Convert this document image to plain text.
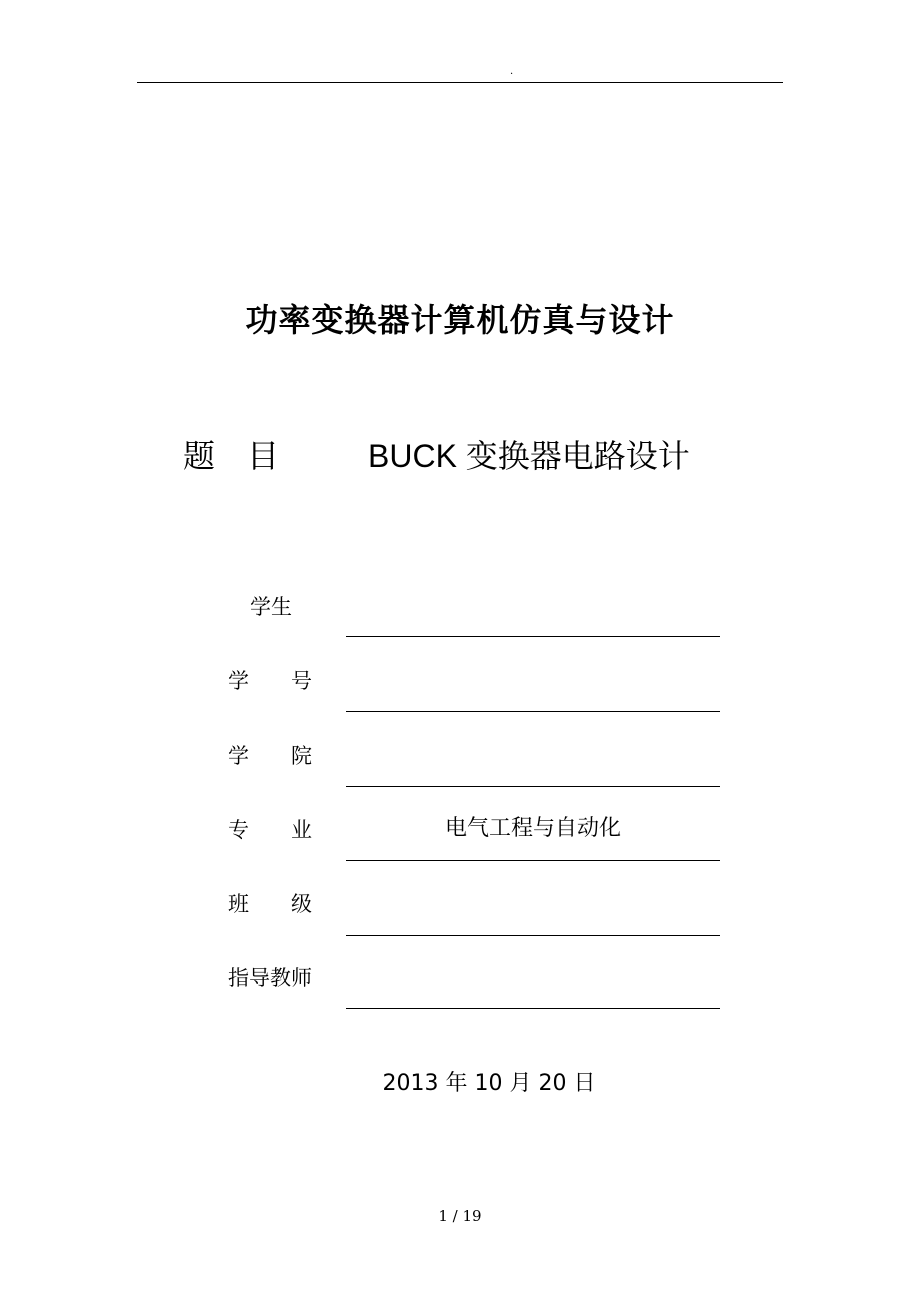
.
功率变换器计算机仿真与设计
题　目	BUCK 变换器电路设计
学生
学　　号
学　　院
专　　业	电气工程与自动化
班　　级
指导教师
2013 年 10 月 20 日
1 / 19
